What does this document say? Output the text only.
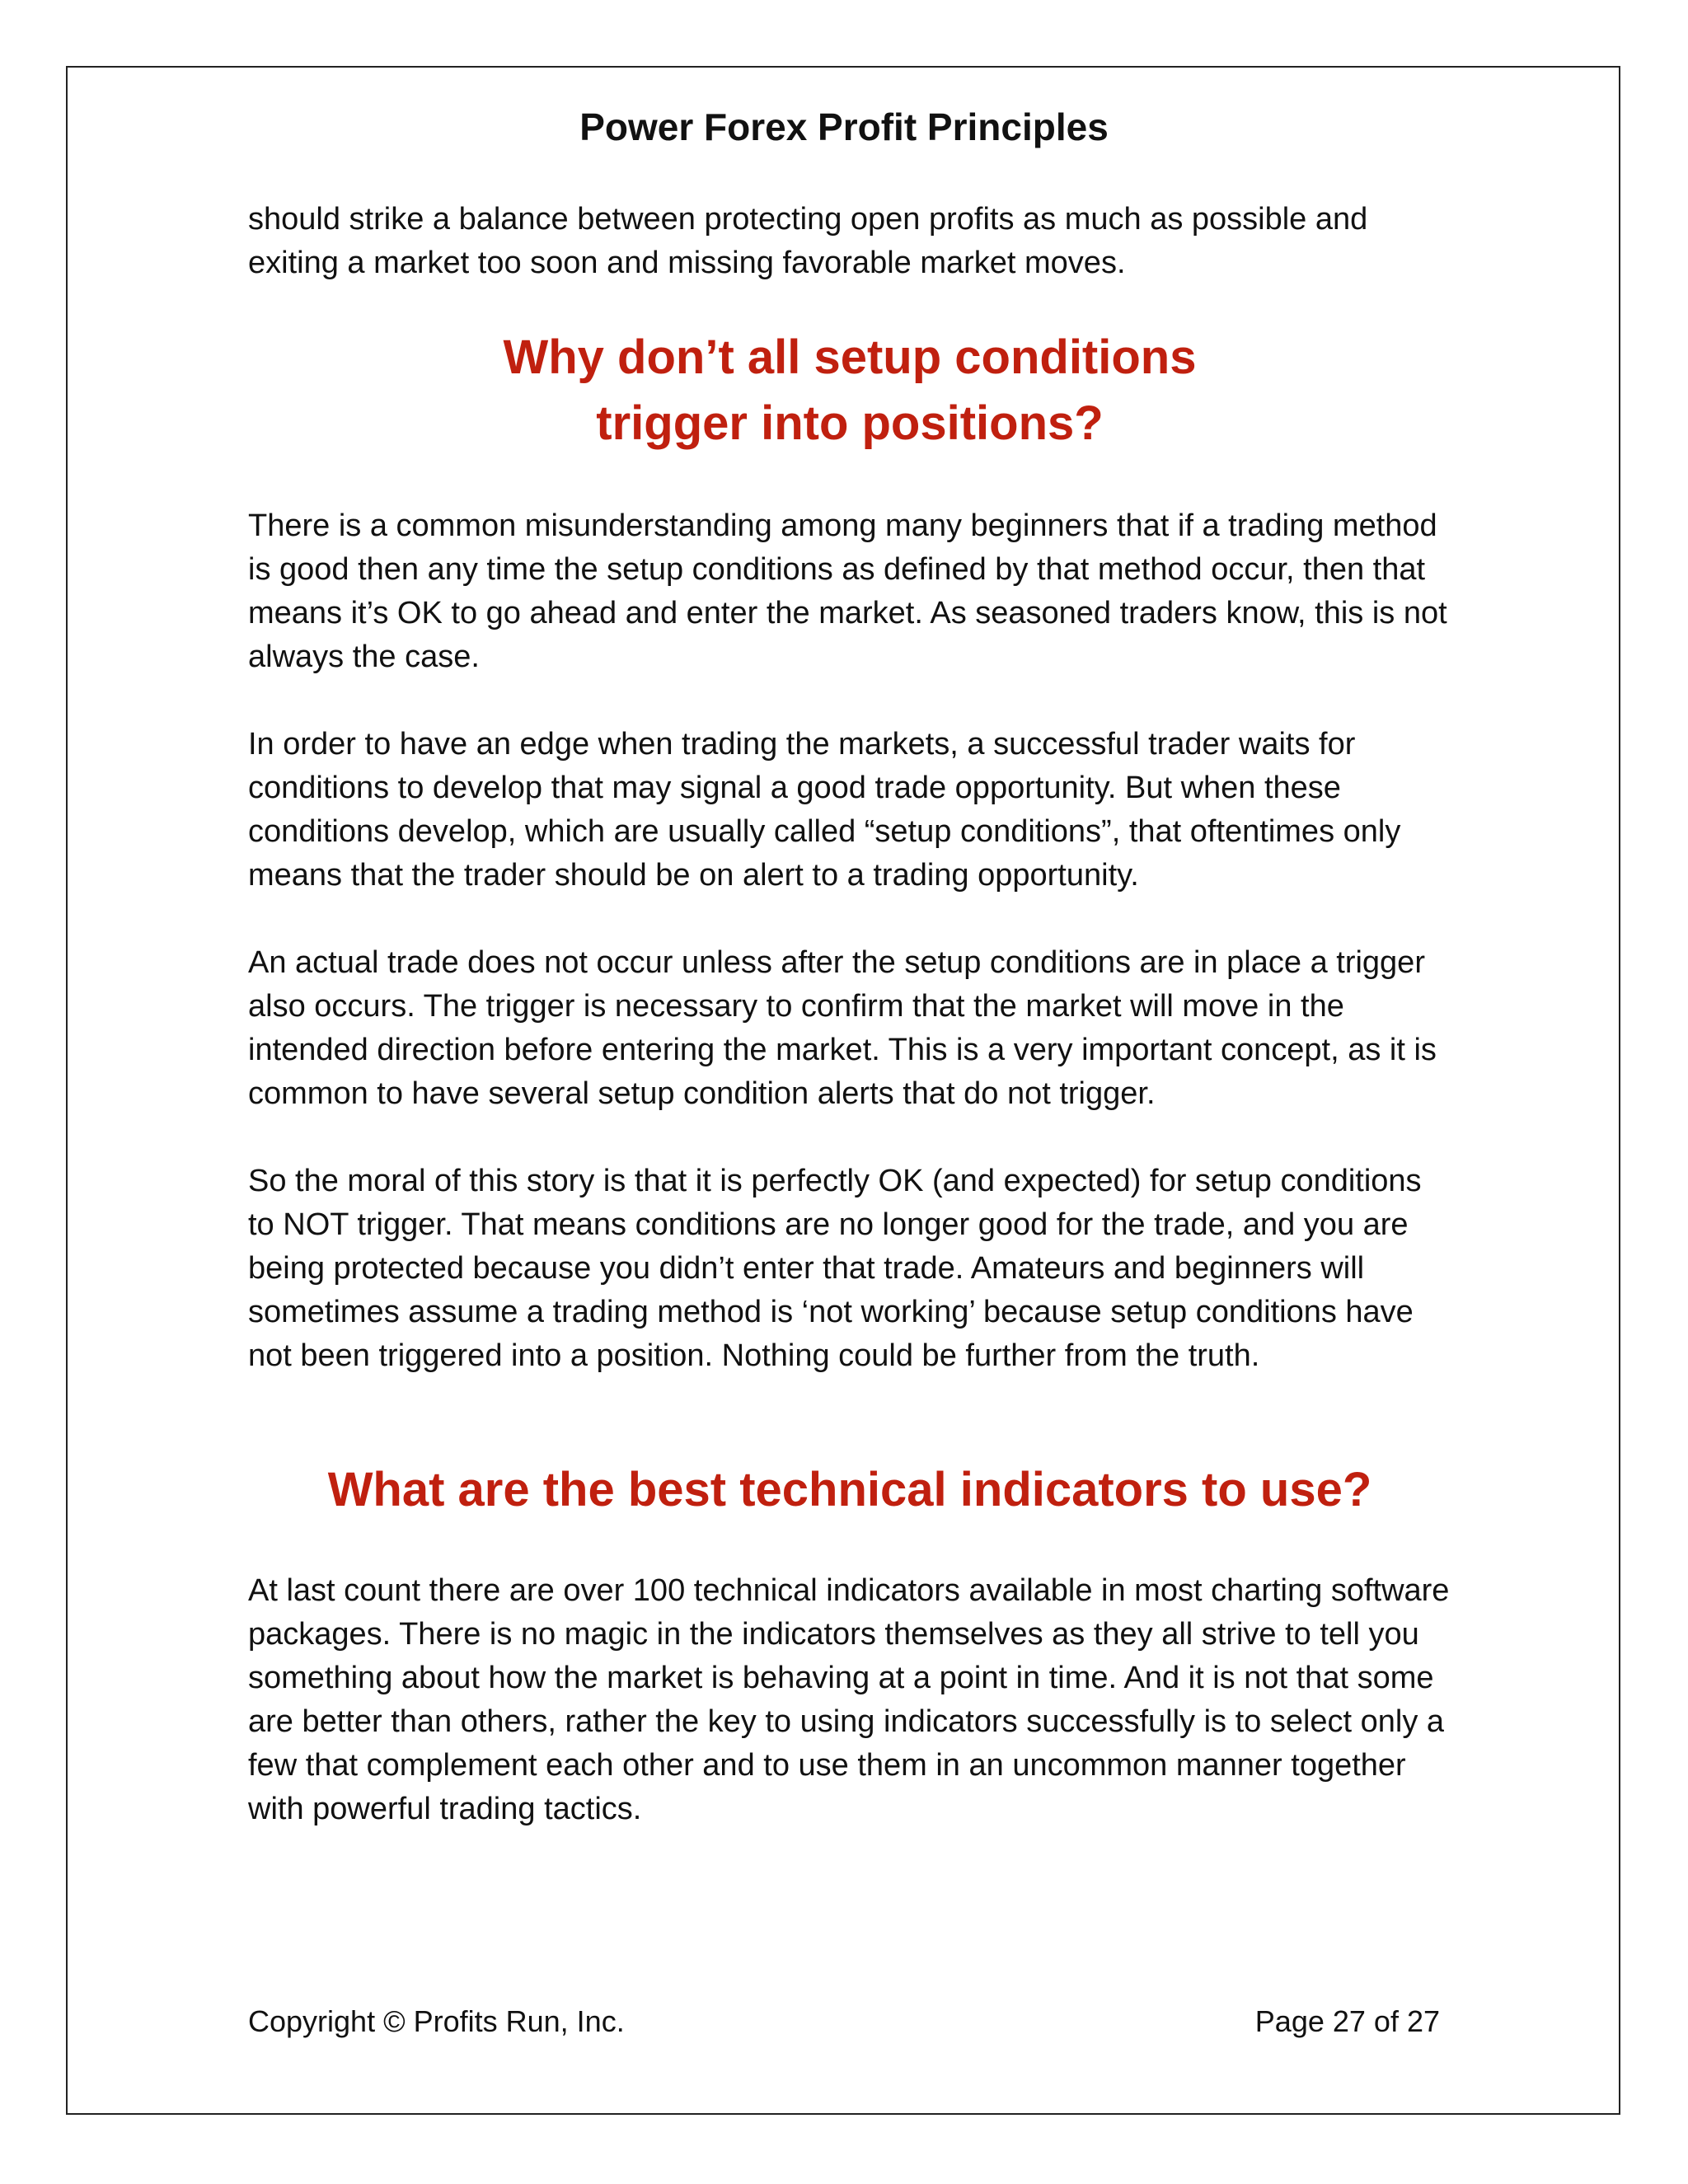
Power Forex Profit Principles

should strike a balance between protecting open profits as much as possible and exiting a market too soon and missing favorable market moves.

Why don’t all setup conditions
trigger into positions?

There is a common misunderstanding among many beginners that if a trading method is good then any time the setup conditions as defined by that method occur, then that means it’s OK to go ahead and enter the market. As seasoned traders know, this is not always the case.

In order to have an edge when trading the markets, a successful trader waits for conditions to develop that may signal a good trade opportunity. But when these conditions develop, which are usually called “setup conditions”, that oftentimes only means that the trader should be on alert to a trading opportunity.

An actual trade does not occur unless after the setup conditions are in place a trigger also occurs. The trigger is necessary to confirm that the market will move in the intended direction before entering the market. This is a very important concept, as it is common to have several setup condition alerts that do not trigger.

So the moral of this story is that it is perfectly OK (and expected) for setup conditions to NOT trigger. That means conditions are no longer good for the trade, and you are being protected because you didn’t enter that trade. Amateurs and beginners will sometimes assume a trading method is ‘not working’ because setup conditions have not been triggered into a position. Nothing could be further from the truth.

What are the best technical indicators to use?

At last count there are over 100 technical indicators available in most charting software packages. There is no magic in the indicators themselves as they all strive to tell you something about how the market is behaving at a point in time. And it is not that some are better than others, rather the key to using indicators successfully is to select only a few that complement each other and to use them in an uncommon manner together with powerful trading tactics.

Copyright © Profits Run, Inc.	Page 27 of 27
